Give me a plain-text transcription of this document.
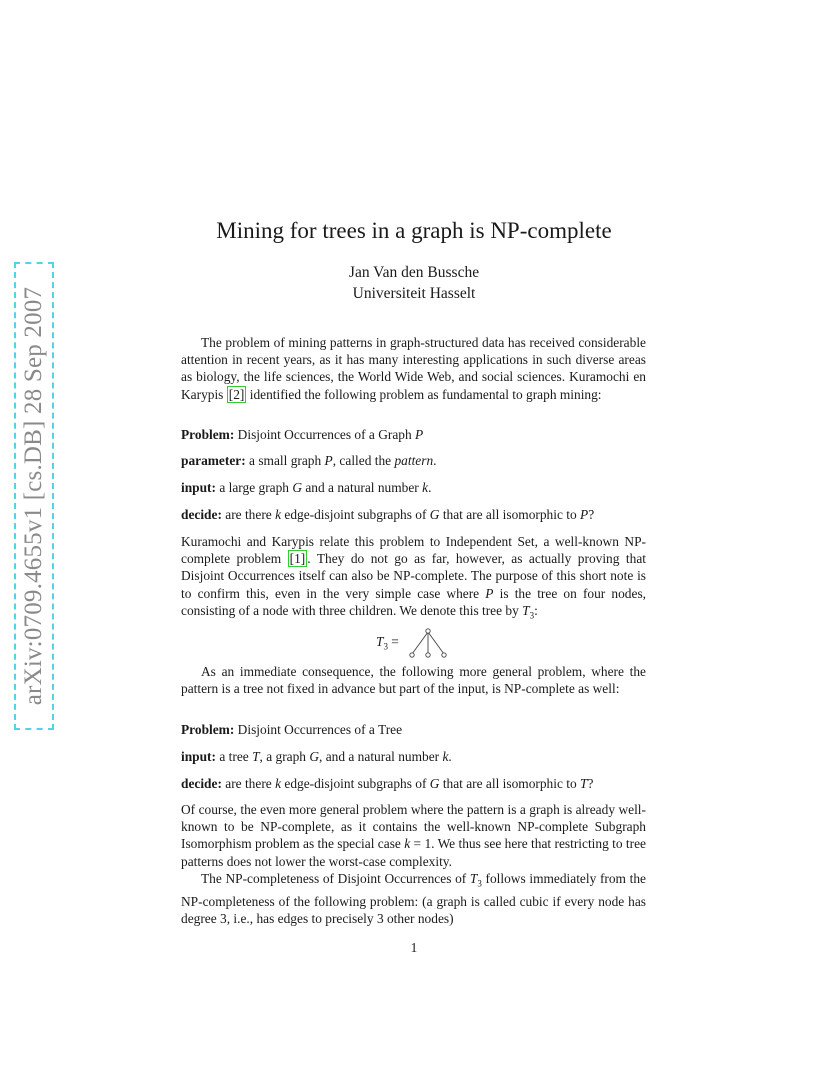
arXiv:0709.4655v1 [cs.DB] 28 Sep 2007
Mining for trees in a graph is NP-complete
Jan Van den Bussche
Universiteit Hasselt
The problem of mining patterns in graph-structured data has received considerable attention in recent years, as it has many interesting applications in such diverse areas as biology, the life sciences, the World Wide Web, and social sciences. Kuramochi en Karypis [2] identified the following problem as fundamental to graph mining:
Problem: Disjoint Occurrences of a Graph P
parameter: a small graph P, called the pattern.
input: a large graph G and a natural number k.
decide: are there k edge-disjoint subgraphs of G that are all isomorphic to P?
Kuramochi and Karypis relate this problem to Independent Set, a well-known NP-complete problem [1] . They do not go as far, however, as actually proving that Disjoint Occurrences itself can also be NP-complete. The purpose of this short note is to confirm this, even in the very simple case where P is the tree on four nodes, consisting of a node with three children. We denote this tree by $T_3$:
$T_3$ =
As an immediate consequence, the following more general problem, where the pattern is a tree not fixed in advance but part of the input, is NP-complete as well:
Problem: Disjoint Occurrences of a Tree
input: a tree T, a graph G, and a natural number k.
decide: are there k edge-disjoint subgraphs of G that are all isomorphic to T?
Of course, the even more general problem where the pattern is a graph is already well-known to be NP-complete, as it contains the well-known NP-complete Subgraph Isomorphism problem as the special case k = 1. We thus see here that restricting to tree patterns does not lower the worst-case complexity.
The NP-completeness of Disjoint Occurrences of $T_3$ follows immediately from the NP-completeness of the following problem: (a graph is called cubic if every node has degree 3, i.e., has edges to precisely 3 other nodes)
1
